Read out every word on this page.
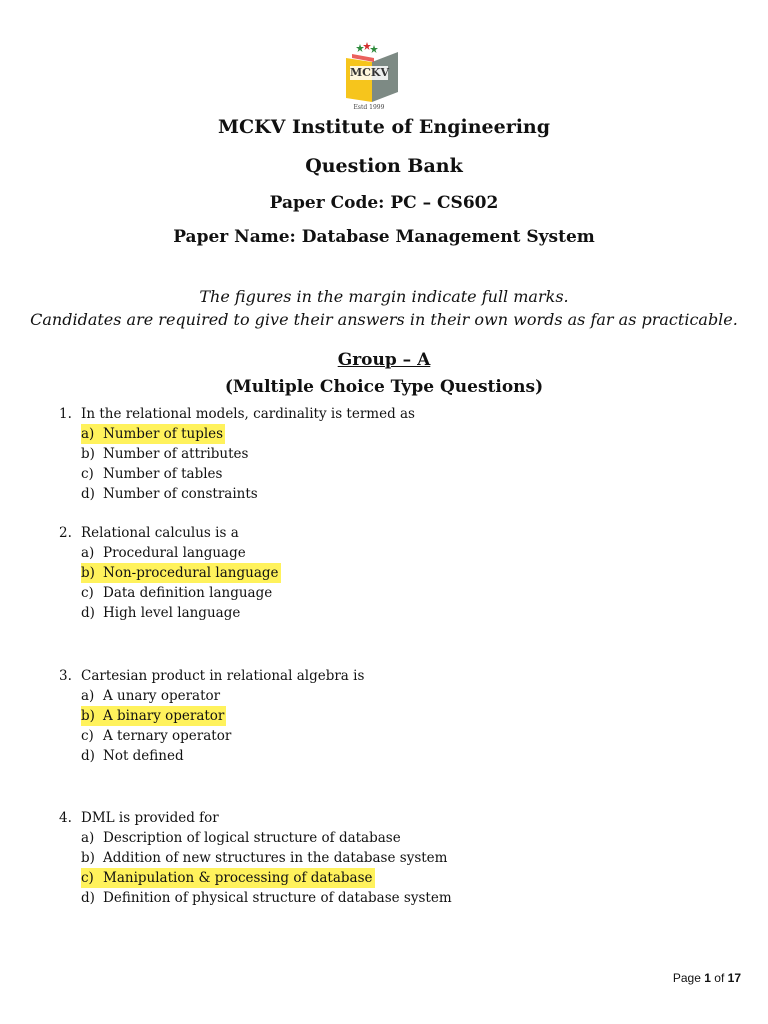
MCKV
Estd 1999
MCKV Institute of Engineering
Question Bank
Paper Code: PC – CS602
Paper Name: Database Management System
The figures in the margin indicate full marks.
Candidates are required to give their answers in their own words as far as practicable.
Group – A
(Multiple Choice Type Questions)
1. In the relational models, cardinality is termed as
a) Number of tuples
b) Number of attributes
c) Number of tables
d) Number of constraints
2. Relational calculus is a
a) Procedural language
b) Non-procedural language
c) Data definition language
d) High level language
3. Cartesian product in relational algebra is
a) A unary operator
b) A binary operator
c) A ternary operator
d) Not defined
4. DML is provided for
a) Description of logical structure of database
b) Addition of new structures in the database system
c) Manipulation & processing of database
d) Definition of physical structure of database system
Page 1 of 17
